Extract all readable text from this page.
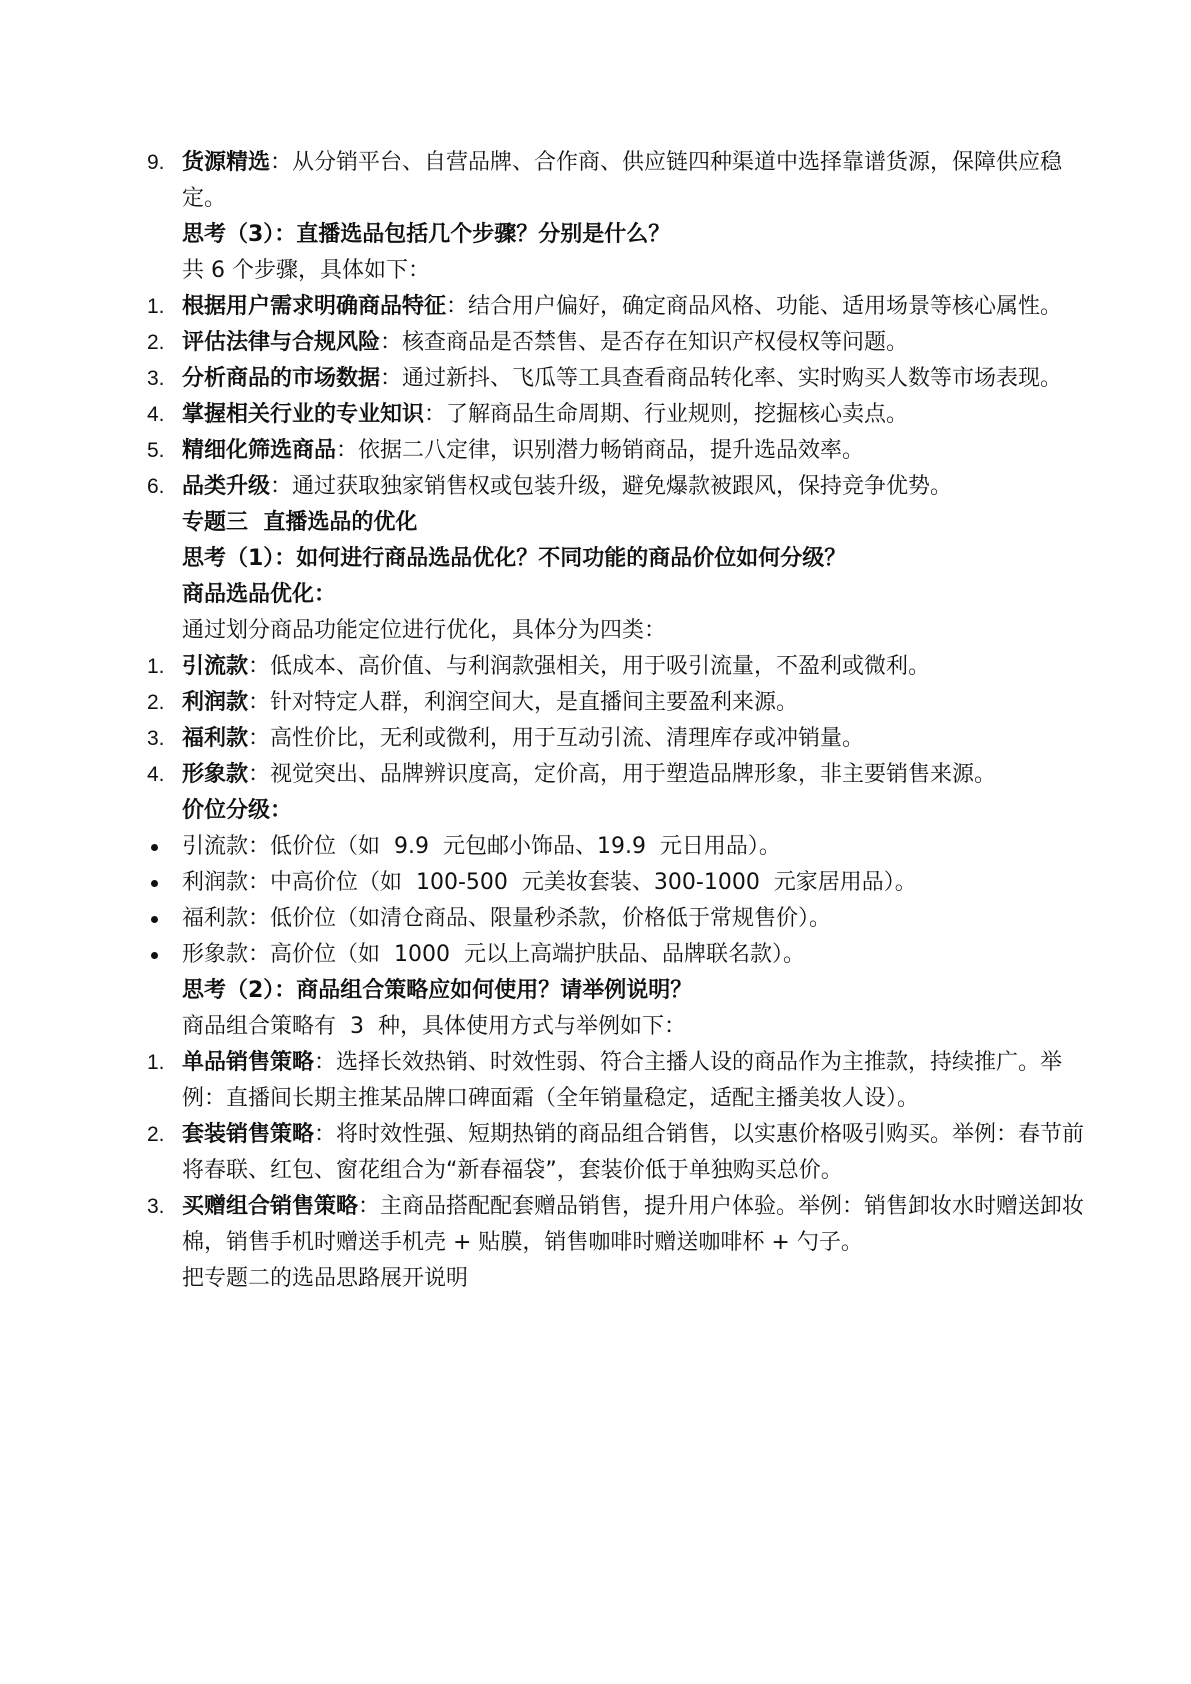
9. 货源精选：从分销平台、自营品牌、合作商、供应链四种渠道中选择靠谱货源，保障供应稳定。
思考（3）：直播选品包括几个步骤？分别是什么？
共 6 个步骤，具体如下：
1. 根据用户需求明确商品特征：结合用户偏好，确定商品风格、功能、适用场景等核心属性。
2. 评估法律与合规风险：核查商品是否禁售、是否存在知识产权侵权等问题。
3. 分析商品的市场数据：通过新抖、飞瓜等工具查看商品转化率、实时购买人数等市场表现。
4. 掌握相关行业的专业知识：了解商品生命周期、行业规则，挖掘核心卖点。
5. 精细化筛选商品：依据二八定律，识别潜力畅销商品，提升选品效率。
6. 品类升级：通过获取独家销售权或包装升级，避免爆款被跟风，保持竞争优势。
专题三  直播选品的优化
思考（1）：如何进行商品选品优化？不同功能的商品价位如何分级？
商品选品优化：
通过划分商品功能定位进行优化，具体分为四类：
1. 引流款：低成本、高价值、与利润款强相关，用于吸引流量，不盈利或微利。
2. 利润款：针对特定人群，利润空间大，是直播间主要盈利来源。
3. 福利款：高性价比，无利或微利，用于互动引流、清理库存或冲销量。
4. 形象款：视觉突出、品牌辨识度高，定价高，用于塑造品牌形象，非主要销售来源。
价位分级：
引流款：低价位（如  9.9  元包邮小饰品、19.9  元日用品）。
利润款：中高价位（如  100-500  元美妆套装、300-1000  元家居用品）。
福利款：低价位（如清仓商品、限量秒杀款，价格低于常规售价）。
形象款：高价位（如  1000  元以上高端护肤品、品牌联名款）。
思考（2）：商品组合策略应如何使用？请举例说明？
商品组合策略有  3  种，具体使用方式与举例如下：
1. 单品销售策略：选择长效热销、时效性弱、符合主播人设的商品作为主推款，持续推广。举例：直播间长期主推某品牌口碑面霜（全年销量稳定，适配主播美妆人设）。
2. 套装销售策略：将时效性强、短期热销的商品组合销售，以实惠价格吸引购买。举例：春节前将春联、红包、窗花组合为“新春福袋”，套装价低于单独购买总价。
3. 买赠组合销售策略：主商品搭配配套赠品销售，提升用户体验。举例：销售卸妆水时赠送卸妆棉，销售手机时赠送手机壳 + 贴膜，销售咖啡时赠送咖啡杯 + 勺子。
把专题二的选品思路展开说明
